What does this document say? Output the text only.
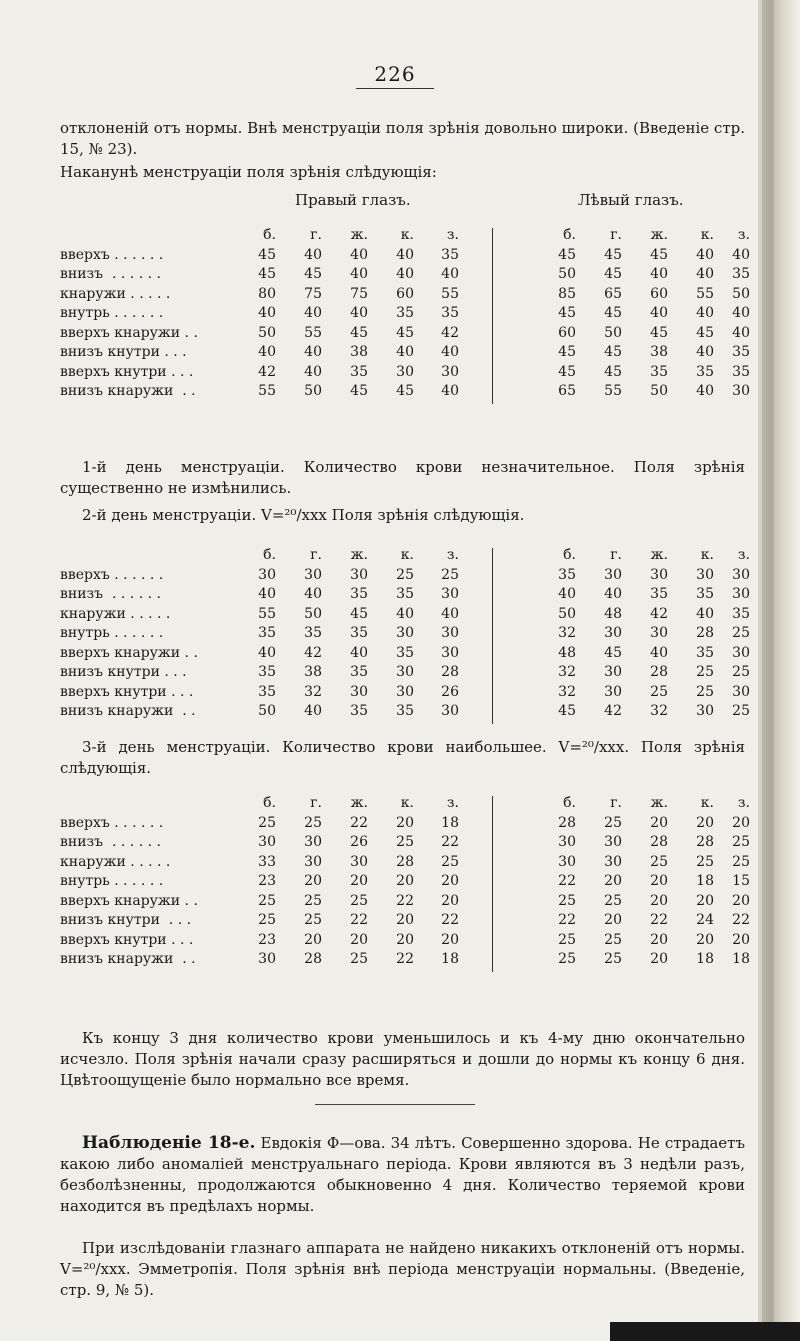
226
отклоненій отъ нормы. Внѣ менструаціи поля зрѣнія довольно широки. (Введеніе стр. 15, № 23).
Наканунѣ менструаціи поля зрѣнія слѣдующія:
Правый глазъ.	Лѣвый глазъ.
б.	г.	ж.	к.	з.	б.	г.	ж.	к.	з.
вверхъ . . . . . .	45	40	40	40	35	45	45	45	40	40
внизъ  . . . . . .	45	45	40	40	40	50	45	40	40	35
кнаружи . . . . .	80	75	75	60	55	85	65	60	55	50
внутрь . . . . . .	40	40	40	35	35	45	45	40	40	40
вверхъ кнаружи . .	50	55	45	45	42	60	50	45	45	40
внизъ кнутри . . .	40	40	38	40	40	45	45	38	40	35
вверхъ кнутри . . .	42	40	35	30	30	45	45	35	35	35
внизъ кнаружи  . .	55	50	45	45	40	65	55	50	40	30
1-й день менструаціи. Количество крови незначительное. Поля зрѣнія существенно не измѣнились.
2-й день менструаціи. V=²⁰/xxx Поля зрѣнія слѣдующія.
б.	г.	ж.	к.	з.	б.	г.	ж.	к.	з.
вверхъ . . . . . .	30	30	30	25	25	35	30	30	30	30
внизъ  . . . . . .	40	40	35	35	30	40	40	35	35	30
кнаружи . . . . .	55	50	45	40	40	50	48	42	40	35
внутрь . . . . . .	35	35	35	30	30	32	30	30	28	25
вверхъ кнаружи . .	40	42	40	35	30	48	45	40	35	30
внизъ кнутри . . .	35	38	35	30	28	32	30	28	25	25
вверхъ кнутри . . .	35	32	30	30	26	32	30	25	25	30
внизъ кнаружи  . .	50	40	35	35	30	45	42	32	30	25
3-й день менструаціи. Количество крови наибольшее. V=²⁰/xxx. Поля зрѣнія слѣдующія.
б.	г.	ж.	к.	з.	б.	г.	ж.	к.	з.
вверхъ . . . . . .	25	25	22	20	18	28	25	20	20	20
внизъ  . . . . . .	30	30	26	25	22	30	30	28	28	25
кнаружи . . . . .	33	30	30	28	25	30	30	25	25	25
внутрь . . . . . .	23	20	20	20	20	22	20	20	18	15
вверхъ кнаружи . .	25	25	25	22	20	25	25	20	20	20
внизъ кнутри  . . .	25	25	22	20	22	22	20	22	24	22
вверхъ кнутри . . .	23	20	20	20	20	25	25	20	20	20
внизъ кнаружи  . .	30	28	25	22	18	25	25	20	18	18
Къ концу 3 дня количество крови уменьшилось и къ 4-му дню окончательно исчезло. Поля зрѣнія начали сразу расширяться и дошли до нормы къ концу 6 дня. Цвѣтоощущеніе было нормально все время.
Наблюденіе 18-е. Евдокія Ф—ова. 34 лѣтъ. Совершенно здорова. Не страдаетъ какою либо аномаліей менструальнаго періода. Крови являются въ 3 недѣли разъ, безболѣзненны, продолжаются обыкновенно 4 дня. Количество теряемой крови находится въ предѣлахъ нормы.
При изслѣдованіи глазнаго аппарата не найдено никакихъ отклоненій отъ нормы. V=²⁰/xxx. Эмметропія. Поля зрѣнія внѣ періода менструаціи нормальны. (Введеніе, стр. 9, № 5).
